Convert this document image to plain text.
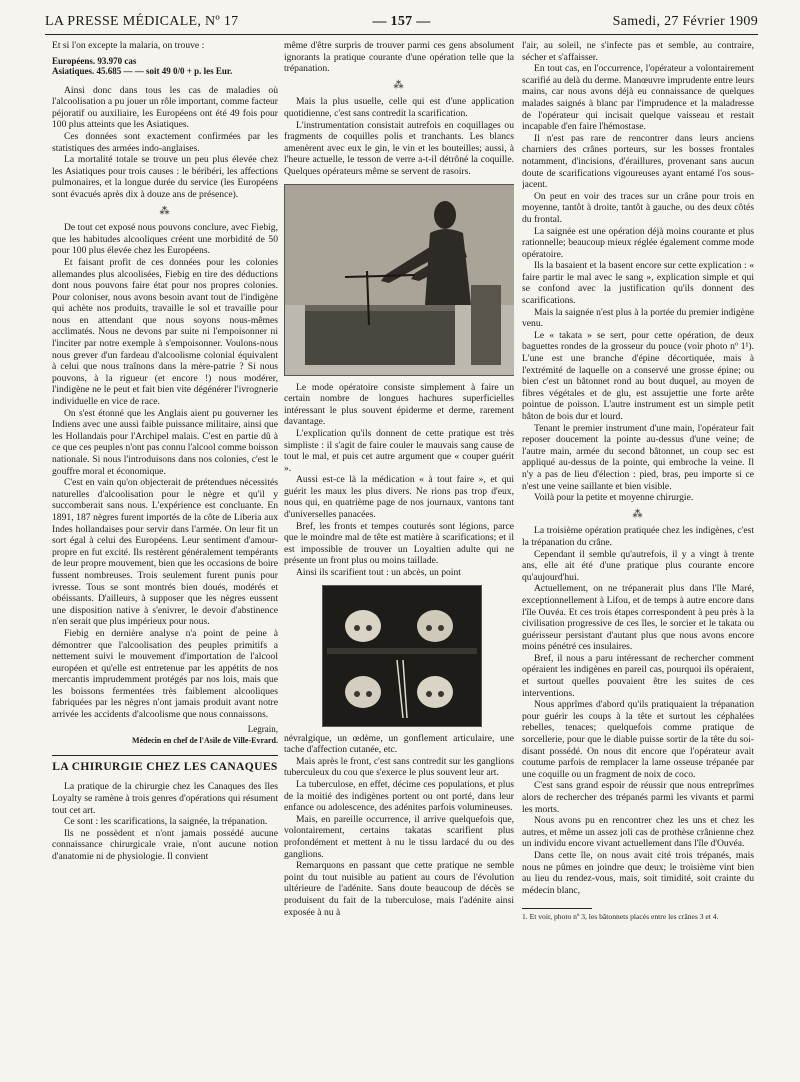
LA PRESSE MÉDICALE, Nº 17	— 157 —	Samedi, 27 Février 1909

Et si l'on excepte la malaria, on trouve :

Européens. 93.970 cas
Asiatiques. 45.685 — — soit 49 0/0 + p. les Eur.

Ainsi donc dans tous les cas de maladies où l'alcoolisation a pu jouer un rôle important, comme facteur péjoratif ou auxiliaire, les Européens ont été 49 fois pour 100 plus atteints que les Asiatiques.

Ces données sont exactement confirmées par les statistiques des armées indo-anglaises.

La mortalité totale se trouve un peu plus élevée chez les Asiatiques pour trois causes : le béribéri, les affections pulmonaires, et la longue durée du service (les Européens sont évacués après dix à douze ans de présence).

⁂

De tout cet exposé nous pouvons conclure, avec Fiebig, que les habitudes alcooliques créent une morbidité de 50 pour 100 plus élevée chez les Européens.

Et faisant profit de ces données pour les colonies allemandes plus alcoolisées, Fiebig en tire des déductions dont nous pouvons faire état pour nos propres colonies. Pour coloniser, nous avons besoin avant tout de l'indigène qui achète nos produits, travaille le sol et travaille pour nous en attendant que nous soyons nous-mêmes acclimatés. Nous ne devons par suite ni l'empoisonner ni l'inciter par notre exemple à s'empoisonner. Voulons-nous nous grever d'un fardeau d'alcoolisme colonial équivalent à celui que nous traînons dans la mère-patrie ? Si nous pouvons, à la rigueur (et encore !) nous modérer, l'indigène ne le peut et fait bien vite dégénérer l'ivrognerie individuelle en vice de race.

On s'est étonné que les Anglais aient pu gouverner les Indiens avec une aussi faible puissance militaire, ainsi que les Hollandais pour l'Archipel malais. C'est en partie dû à ce que ces peuples n'ont pas connu l'alcool comme boisson nationale. Si nous l'introduisons dans nos colonies, c'est le gouffre moral et économique.

C'est en vain qu'on objecterait de prétendues nécessités naturelles d'alcoolisation pour le nègre et qu'il y succomberait sans nous. L'expérience est concluante. En 1891, 187 nègres furent importés de la côte de Liberia aux Indes hollandaises pour servir dans l'armée. On leur fit un sort égal à celui des Européens. Leur sentiment d'amour-propre en fut excité. Ils restèrent généralement tempérants de leur propre mouvement, bien que les occasions de boire fussent nombreuses. Trois seulement furent punis pour ivresse. Tous se sont montrés bien doués, modérés et obéissants. D'ailleurs, à supposer que les nègres eussent une disposition native à s'enivrer, le devoir d'abstinence n'en serait que plus impérieux pour nous.

Fiebig en dernière analyse n'a point de peine à démontrer que l'alcoolisation des peuples primitifs a nettement suivi le mouvement d'importation de l'alcool européen et qu'elle est entretenue par les appétits de nos mercantis imprudemment protégés par nos lois, mais que les boissons fermentées très faiblement alcooliques fabriquées par les nègres n'ont jamais produit avant notre arrivée les accidents d'alcoolisme que nous connaissons.

Legrain,
Médecin en chef de l'Asile de Ville-Evrard.
LA CHIRURGIE CHEZ LES CANAQUES

La pratique de la chirurgie chez les Canaques des îles Loyalty se ramène à trois genres d'opérations qui résument tout cet art.

Ce sont : les scarifications, la saignée, la trépanation.

Ils ne possèdent et n'ont jamais possédé aucune connaissance chirurgicale vraie, n'ont aucune notion d'anatomie ni de physiologie. Il convient

même d'être surpris de trouver parmi ces gens absolument ignorants la pratique courante d'une opération telle que la trépanation.

⁂

Mais la plus usuelle, celle qui est d'une application quotidienne, c'est sans contredit la scarification.

L'instrumentation consistait autrefois en coquillages ou fragments de coquilles polis et tranchants. Les blancs amenèrent avec eux le gin, le vin et les bouteilles; aussi, à l'heure actuelle, le tesson de verre a-t-il détrôné la coquille. Quelques opérateurs même se servent de rasoirs.

Le mode opératoire consiste simplement à faire un certain nombre de longues hachures superficielles intéressant le plus souvent épiderme et derme, rarement davantage.

L'explication qu'ils donnent de cette pratique est très simpliste : il s'agit de faire couler le mauvais sang cause de tout le mal, et puis cet autre argument que « couper guérit ».

Aussi est-ce là la médication « à tout faire », et qui guérit les maux les plus divers. Ne rions pas trop d'eux, nous qui, en quatrième page de nos journaux, vantons tant d'universelles panacées.

Bref, les fronts et tempes couturés sont légions, parce que le moindre mal de tête est matière à scarifications; et il est impossible de trouver un Loyaltien adulte qui ne présente un front plus ou moins taillade.

Ainsi ils scarifient tout : un abcès, un point

névralgique, un œdème, un gonflement articulaire, une tache d'affection cutanée, etc.

Mais après le front, c'est sans contredit sur les ganglions tuberculeux du cou que s'exerce le plus souvent leur art.

La tuberculose, en effet, décime ces populations, et plus de la moitié des indigènes portent ou ont porté, dans leur enfance ou adolescence, des adénites parfois volumineuses.

Mais, en pareille occurrence, il arrive quelquefois que, volontairement, certains takatas scarifient plus profondément et mettent à nu le tissu lardacé du ou des ganglions.

Remarquons en passant que cette pratique ne semble point du tout nuisible au patient au cours de l'évolution ultérieure de l'adénite. Sans doute beaucoup de décès se produisent du fait de la tuberculose, mais l'adénite ainsi exposée à nu à

l'air, au soleil, ne s'infecte pas et semble, au contraire, sécher et s'affaisser.

En tout cas, en l'occurrence, l'opérateur a volontairement scarifié au delà du derme. Manœuvre imprudente entre leurs mains, car nous avons déjà eu connaissance de quelques malades saignés à blanc par l'imprudence et la maladresse de l'opérateur qui incisait quelque vaisseau et restait incapable d'en faire l'hémostase.

Il n'est pas rare de rencontrer dans leurs anciens charniers des crânes porteurs, sur les bosses frontales notamment, d'incisions, d'éraillures, provenant sans aucun doute de scarifications vigoureuses ayant entamé l'os sous-jacent.

On peut en voir des traces sur un crâne pour trois en moyenne, tantôt à droite, tantôt à gauche, ou des deux côtés du frontal.

La saignée est une opération déjà moins courante et plus rationnelle; beaucoup mieux réglée également comme mode opératoire.

Ils la basaient et la basent encore sur cette explication : « faire partir le mal avec le sang », explication simple et qui se confond avec la justification qu'ils donnent des scarifications.

Mais la saignée n'est plus à la portée du premier indigène venu.

Le « takata » se sert, pour cette opération, de deux baguettes rondes de la grosseur du pouce (voir photo nº 1¹). L'une est une branche d'épine décortiquée, mais à l'extrémité de laquelle on a conservé une grosse épine; ou bien c'est un bâtonnet rond au bout duquel, au moyen de fibres végétales et de glu, est assujettie une forte arête pointue de poisson. L'autre instrument est un simple petit bâton de bois dur et lourd.

Tenant le premier instrument d'une main, l'opérateur fait reposer doucement la pointe au-dessus d'une veine; de l'autre main, armée du second bâtonnet, un coup sec est appliqué au-dessus de la pointe, qui embroche la veine. Il n'y a pas de lieu d'élection : pied, bras, peu importe si ce n'est une veine saillante et bien visible.

Voilà pour la petite et moyenne chirurgie.

⁂

La troisième opération pratiquée chez les indigènes, c'est la trépanation du crâne.

Cependant il semble qu'autrefois, il y a vingt à trente ans, elle ait été d'une pratique plus courante encore qu'aujourd'hui.

Actuellement, on ne trépanerait plus dans l'île Maré, exceptionnellement à Lifou, et de temps à autre encore dans l'île Ouvéa. Et ces trois étapes correspondent à peu près à la civilisation progressive de ces îles, le sorcier et le takata ou guérisseur persistant d'autant plus que nous avons encore moins pénétré ces insulaires.

Bref, il nous a paru intéressant de rechercher comment opéraient les indigènes en pareil cas, pourquoi ils opéraient, et surtout quelles pouvaient être les suites de ces interventions.

Nous apprîmes d'abord qu'ils pratiquaient la trépanation pour guérir les coups à la tête et surtout les céphalées rebelles, tenaces; quelquefois comme pratique de sorcellerie, pour que le diable puisse sortir de la tête du soi-disant possédé. On nous dit encore que l'opérateur avait coutume parfois de remplacer la lame osseuse trépanée par une coquille ou un fragment de noix de coco.

C'est sans grand espoir de réussir que nous entreprîmes alors de rechercher des trépanés parmi les vivants et parmi les morts.

Nous avons pu en rencontrer chez les uns et chez les autres, et même un assez joli cas de prothèse crânienne chez un individu encore vivant actuellement dans l'île d'Ouvéa.

Dans cette île, on nous avait cité trois trépanés, mais nous ne pûmes en joindre que deux; le troisième vint bien au lieu du rendez-vous, mais, soit timidité, soit crainte du médecin blanc,

1. Et voir, photo nº 3, les bâtonnets placés entre les crânes 3 et 4.
